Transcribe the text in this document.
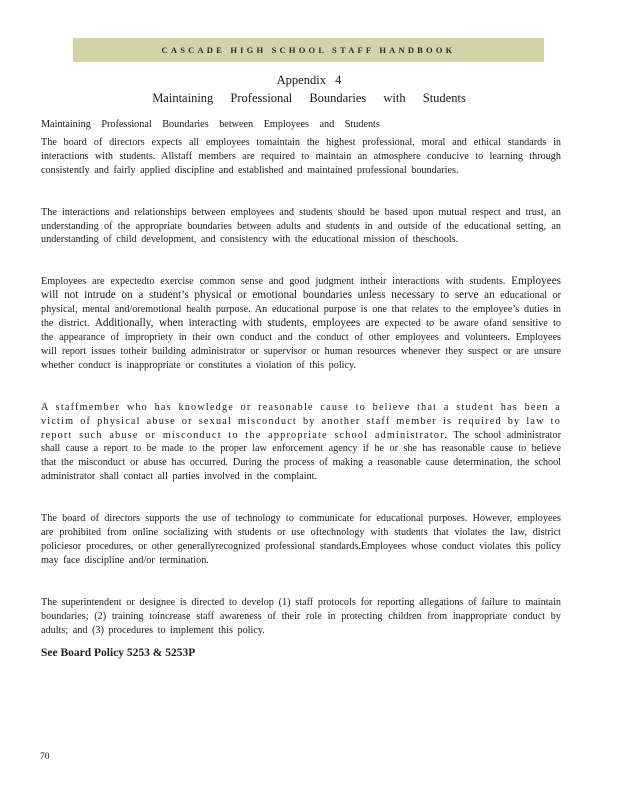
CASCADE HIGH SCHOOL STAFF HANDBOOK
Appendix 4
Maintaining Professional Boundaries with Students

Maintaining Professional Boundaries between Employees and Students

The board of directors expects all employees tomaintain the highest professional, moral and ethical standards in interactions with students. Allstaff members are required to maintain an atmosphere conducive to learning through consistently and fairly applied discipline and established and maintained professional boundaries.

The interactions and relationships between employees and students should be based upon mutual respect and trust, an understanding of the appropriate boundaries between adults and students in and outside of the educational setting, an understanding of child development, and consistency with the educational mission of theschools.

Employees are expectedto exercise common sense and good judgment intheir interactions with students. Employees will not intrude on a student’s physical or emotional boundaries unless necessary to serve an educational or physical, mental and/oremotional health purpose. An educational purpose is one that relates to the employee’s duties in the district. Additionally, when interacting with students, employees are expected to be aware ofand sensitive to the appearance of impropriety in their own conduct and the conduct of other employees and volunteers. Employees will report issues totheir building administrator or supervisor or human resources whenever they suspect or are unsure whether conduct is inappropriate or constitutes a violation of this policy.

A staffmember who has knowledge or reasonable cause to believe that a student has been a victim of physical abuse or sexual misconduct by another staff member is required by law to report such abuse or misconduct to the appropriate school administrator. The school administrator shall cause a report to be made to the proper law enforcement agency if he or she has reasonable cause to believe that the misconduct or abuse has occurred. During the process of making a reasonable cause determination, the school administrator shall contact all parties involved in the complaint.

The board of directors supports the use of technology to communicate for educational purposes. However, employees are prohibited from online socializing with students or use oftechnology with students that violates the law, district policiesor procedures, or other generallyrecognized professional standards.Employees whose conduct violates this policy may face discipline and/or termination.

The superintendent or designee is directed to develop (1) staff protocols for reporting allegations of failure to maintain boundaries; (2) training toincrease staff awareness of their role in protecting children from inappropriate conduct by adults; and (3) procedures to implement this policy.

See Board Policy 5253 & 5253P

70
